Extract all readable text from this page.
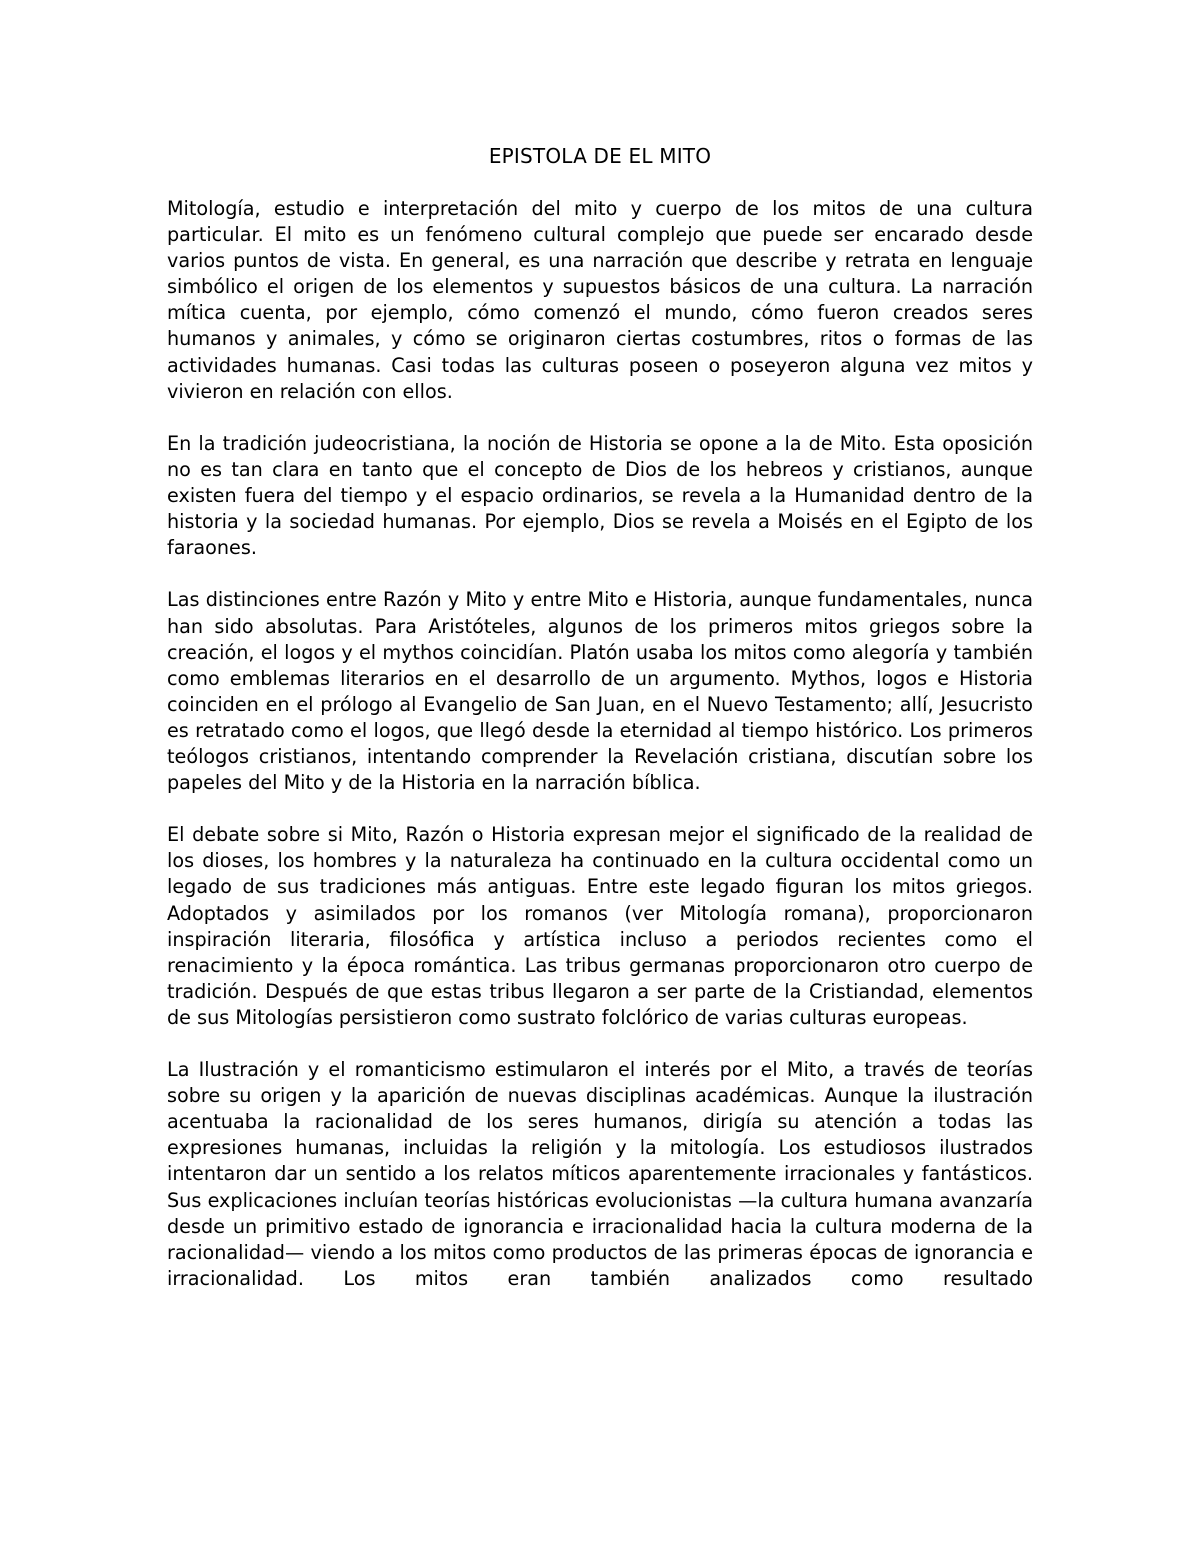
EPISTOLA DE EL MITO

Mitología, estudio e interpretación del mito y cuerpo de los mitos de una cultura particular. El mito es un fenómeno cultural complejo que puede ser encarado desde varios puntos de vista. En general, es una narración que describe y retrata en lenguaje simbólico el origen de los elementos y supuestos básicos de una cultura. La narración mítica cuenta, por ejemplo, cómo comenzó el mundo, cómo fueron creados seres humanos y animales, y cómo se originaron ciertas costumbres, ritos o formas de las actividades humanas. Casi todas las culturas poseen o poseyeron alguna vez mitos y vivieron en relación con ellos.

En la tradición judeocristiana, la noción de Historia se opone a la de Mito. Esta oposición no es tan clara en tanto que el concepto de Dios de los hebreos y cristianos, aunque existen fuera del tiempo y el espacio ordinarios, se revela a la Humanidad dentro de la historia y la sociedad humanas. Por ejemplo, Dios se revela a Moisés en el Egipto de los faraones.

Las distinciones entre Razón y Mito y entre Mito e Historia, aunque fundamentales, nunca han sido absolutas. Para Aristóteles, algunos de los primeros mitos griegos sobre la creación, el logos y el mythos coincidían. Platón usaba los mitos como alegoría y también como emblemas literarios en el desarrollo de un argumento. Mythos, logos e Historia coinciden en el prólogo al Evangelio de San Juan, en el Nuevo Testamento; allí, Jesucristo es retratado como el logos, que llegó desde la eternidad al tiempo histórico. Los primeros teólogos cristianos, intentando comprender la Revelación cristiana, discutían sobre los papeles del Mito y de la Historia en la narración bíblica.

El debate sobre si Mito, Razón o Historia expresan mejor el significado de la realidad de los dioses, los hombres y la naturaleza ha continuado en la cultura occidental como un legado de sus tradiciones más antiguas. Entre este legado figuran los mitos griegos. Adoptados y asimilados por los romanos (ver Mitología romana), proporcionaron inspiración literaria, filosófica y artística incluso a periodos recientes como el renacimiento y la época romántica. Las tribus germanas proporcionaron otro cuerpo de tradición. Después de que estas tribus llegaron a ser parte de la Cristiandad, elementos de sus Mitologías persistieron como sustrato folclórico de varias culturas europeas.

La Ilustración y el romanticismo estimularon el interés por el Mito, a través de teorías sobre su origen y la aparición de nuevas disciplinas académicas. Aunque la ilustración acentuaba la racionalidad de los seres humanos, dirigía su atención a todas las expresiones humanas, incluidas la religión y la mitología. Los estudiosos ilustrados intentaron dar un sentido a los relatos míticos aparentemente irracionales y fantásticos. Sus explicaciones incluían teorías históricas evolucionistas —la cultura humana avanzaría desde un primitivo estado de ignorancia e irracionalidad hacia la cultura moderna de la racionalidad— viendo a los mitos como productos de las primeras épocas de ignorancia e irracionalidad. Los mitos eran también analizados como resultado
